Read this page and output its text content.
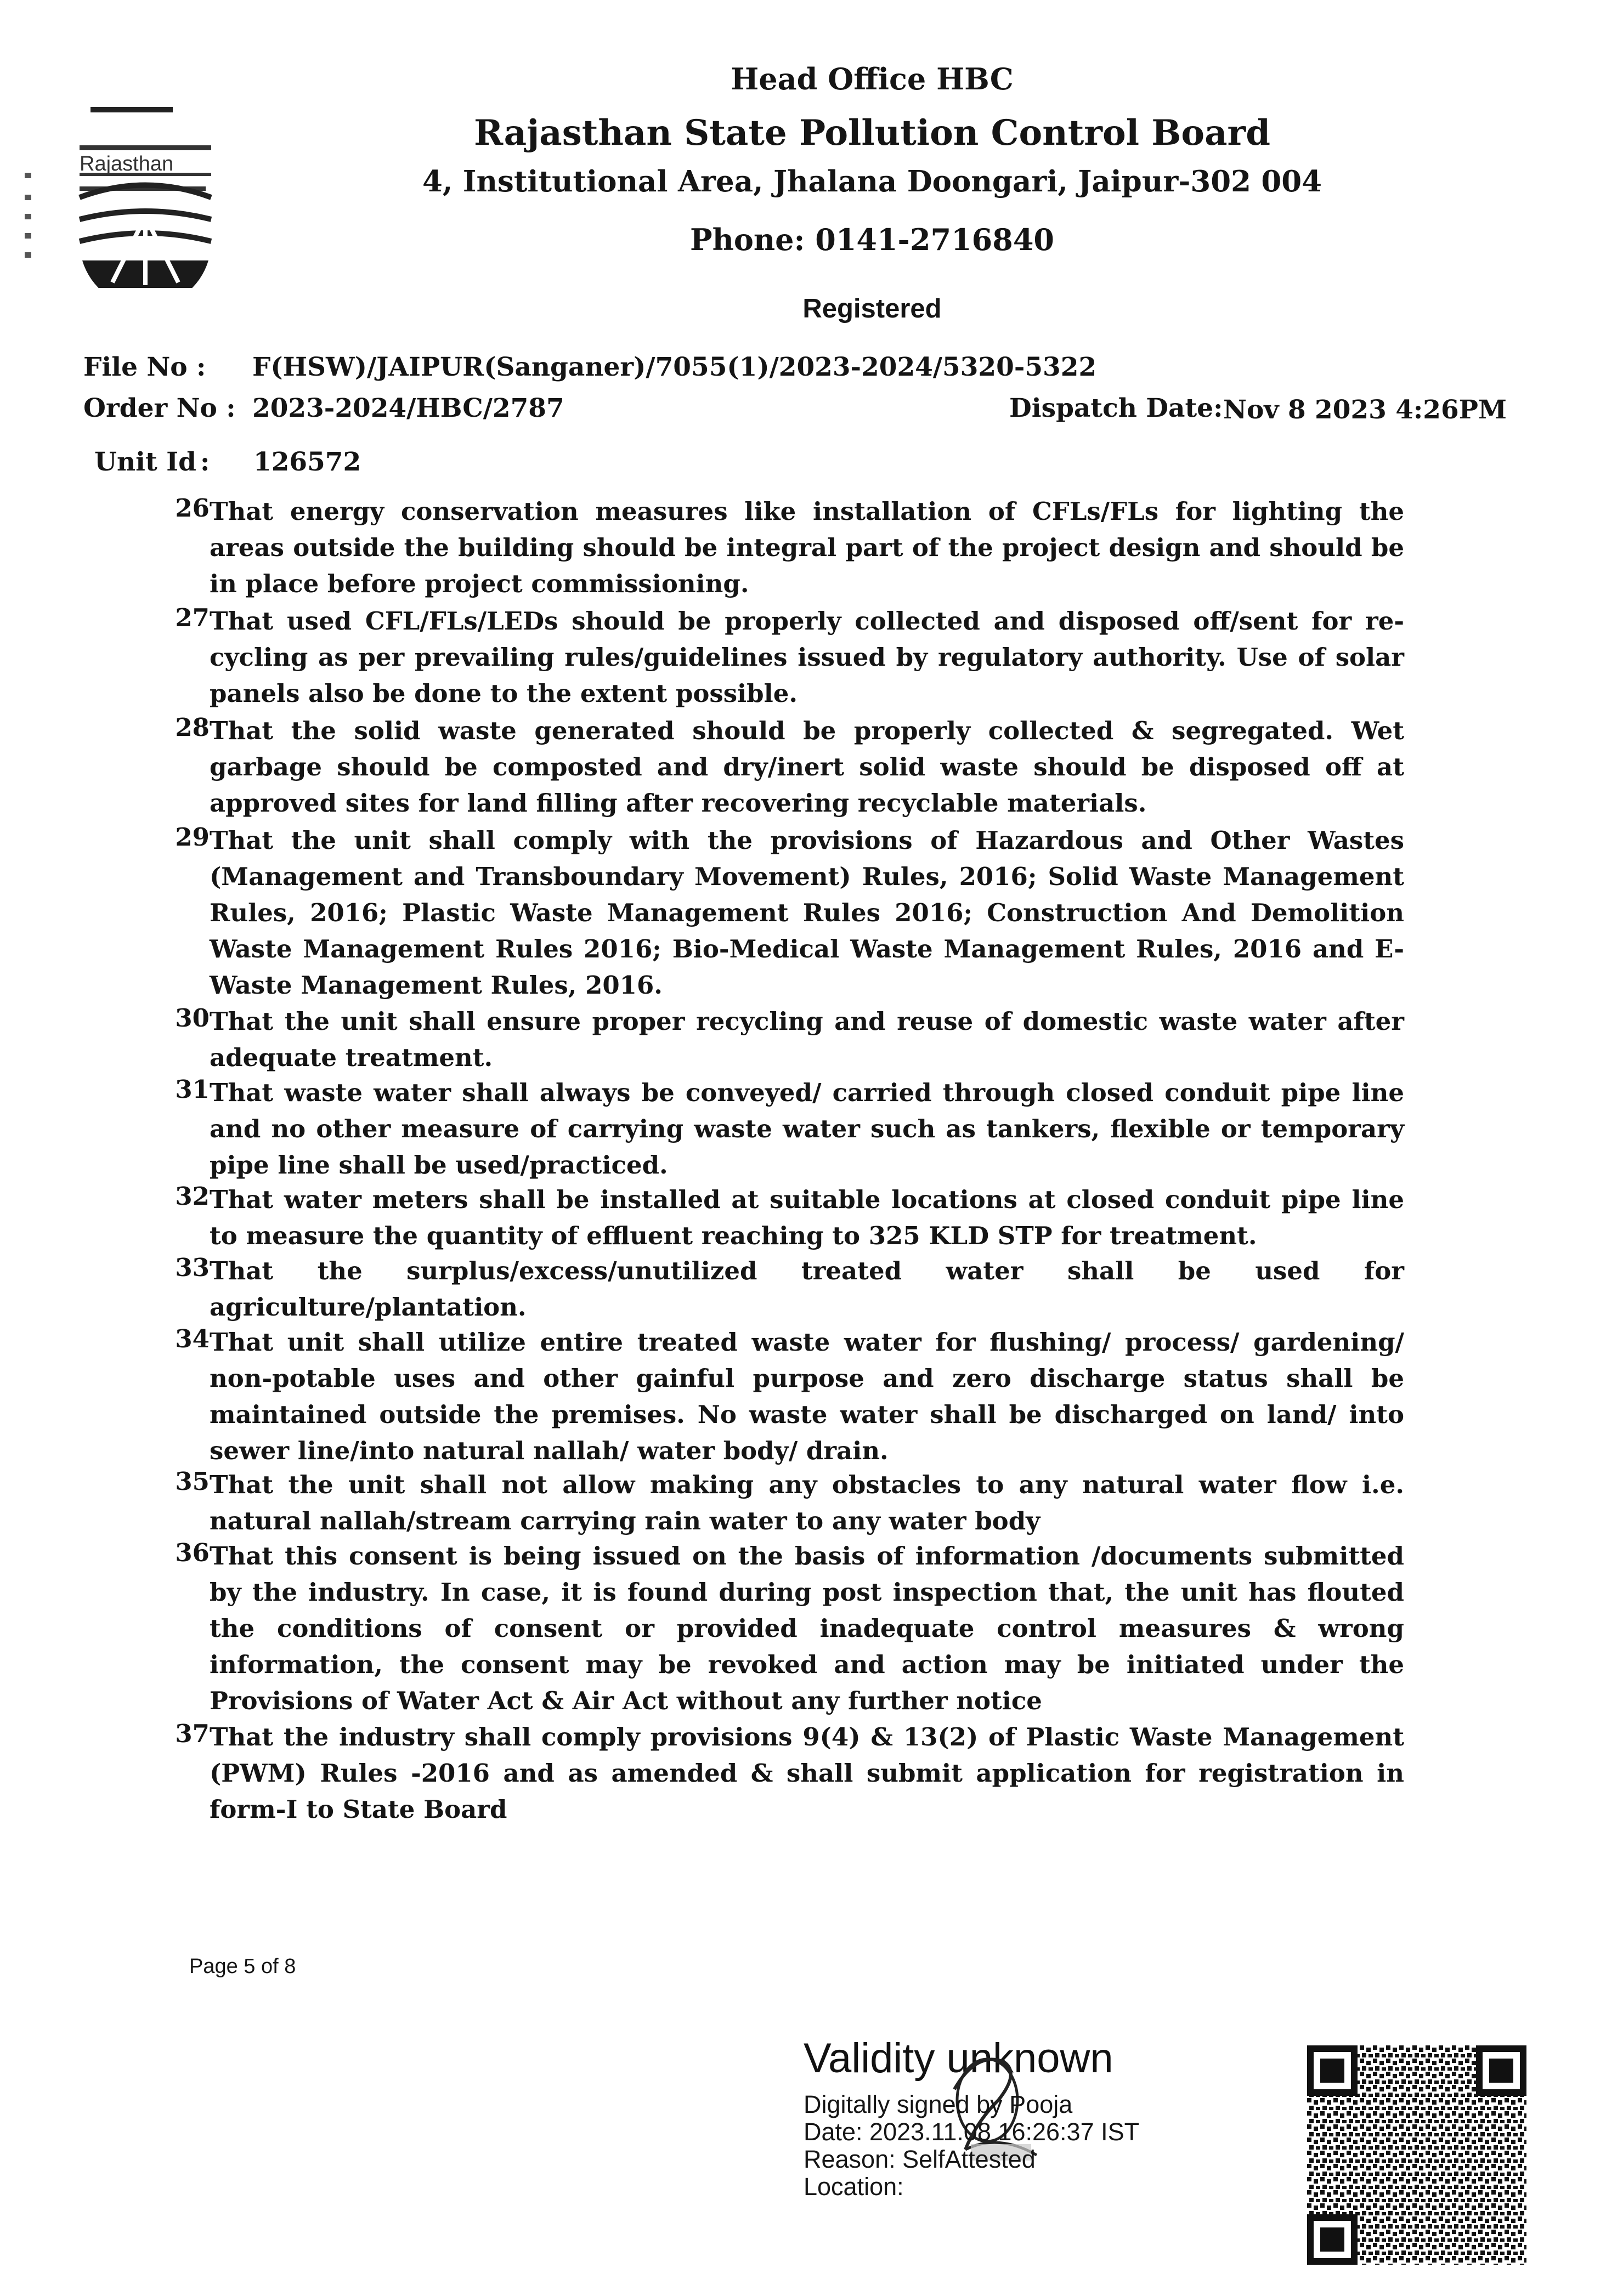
Rajasthan
Head Office HBC
Rajasthan State Pollution Control Board
4, Institutional Area, Jhalana Doongari, Jaipur-302 004
Phone: 0141-2716840
Registered
File No : F(HSW)/JAIPUR(Sanganer)/7055(1)/2023-2024/5320-5322
Order No : 2023-2024/HBC/2787	Dispatch Date: Nov 8 2023 4:26PM
Unit Id : 126572
26 That energy conservation measures like installation of CFLs/FLs for lighting the areas outside the building should be integral part of the project design and should be in place before project commissioning.
27 That used CFL/FLs/LEDs should be properly collected and disposed off/sent for re-cycling as per prevailing rules/guidelines issued by regulatory authority. Use of solar panels also be done to the extent possible.
28 That the solid waste generated should be properly collected & segregated. Wet garbage should be composted and dry/inert solid waste should be disposed off at approved sites for land filling after recovering recyclable materials.
29 That the unit shall comply with the provisions of Hazardous and Other Wastes (Management and Transboundary Movement) Rules, 2016; Solid Waste Management Rules, 2016; Plastic Waste Management Rules 2016; Construction And Demolition Waste Management Rules 2016; Bio-Medical Waste Management Rules, 2016 and E-Waste Management Rules, 2016.
30 That the unit shall ensure proper recycling and reuse of domestic waste water after adequate treatment.
31 That waste water shall always be conveyed/ carried through closed conduit pipe line and no other measure of carrying waste water such as tankers, flexible or temporary pipe line shall be used/practiced.
32 That water meters shall be installed at suitable locations at closed conduit pipe line to measure the quantity of effluent reaching to 325 KLD STP for treatment.
33 That the surplus/excess/unutilized treated water shall be used for agriculture/plantation.
34 That unit shall utilize entire treated waste water for flushing/ process/ gardening/ non-potable uses and other gainful purpose and zero discharge status shall be maintained outside the premises. No waste water shall be discharged on land/ into sewer line/into natural nallah/ water body/ drain.
35 That the unit shall not allow making any obstacles to any natural water flow i.e. natural nallah/stream carrying rain water to any water body
36 That this consent is being issued on the basis of information /documents submitted by the industry. In case, it is found during post inspection that, the unit has flouted the conditions of consent or provided inadequate control measures & wrong information, the consent may be revoked and action may be initiated under the Provisions of Water Act & Air Act without any further notice
37 That the industry shall comply provisions 9(4) & 13(2) of Plastic Waste Management (PWM) Rules -2016 and as amended & shall submit application for registration in form-I to State Board
Page 5 of 8
Validity unknown
Digitally signed by Pooja
Date: 2023.11.08 16:26:37 IST
Reason: SelfAttested
Location:
